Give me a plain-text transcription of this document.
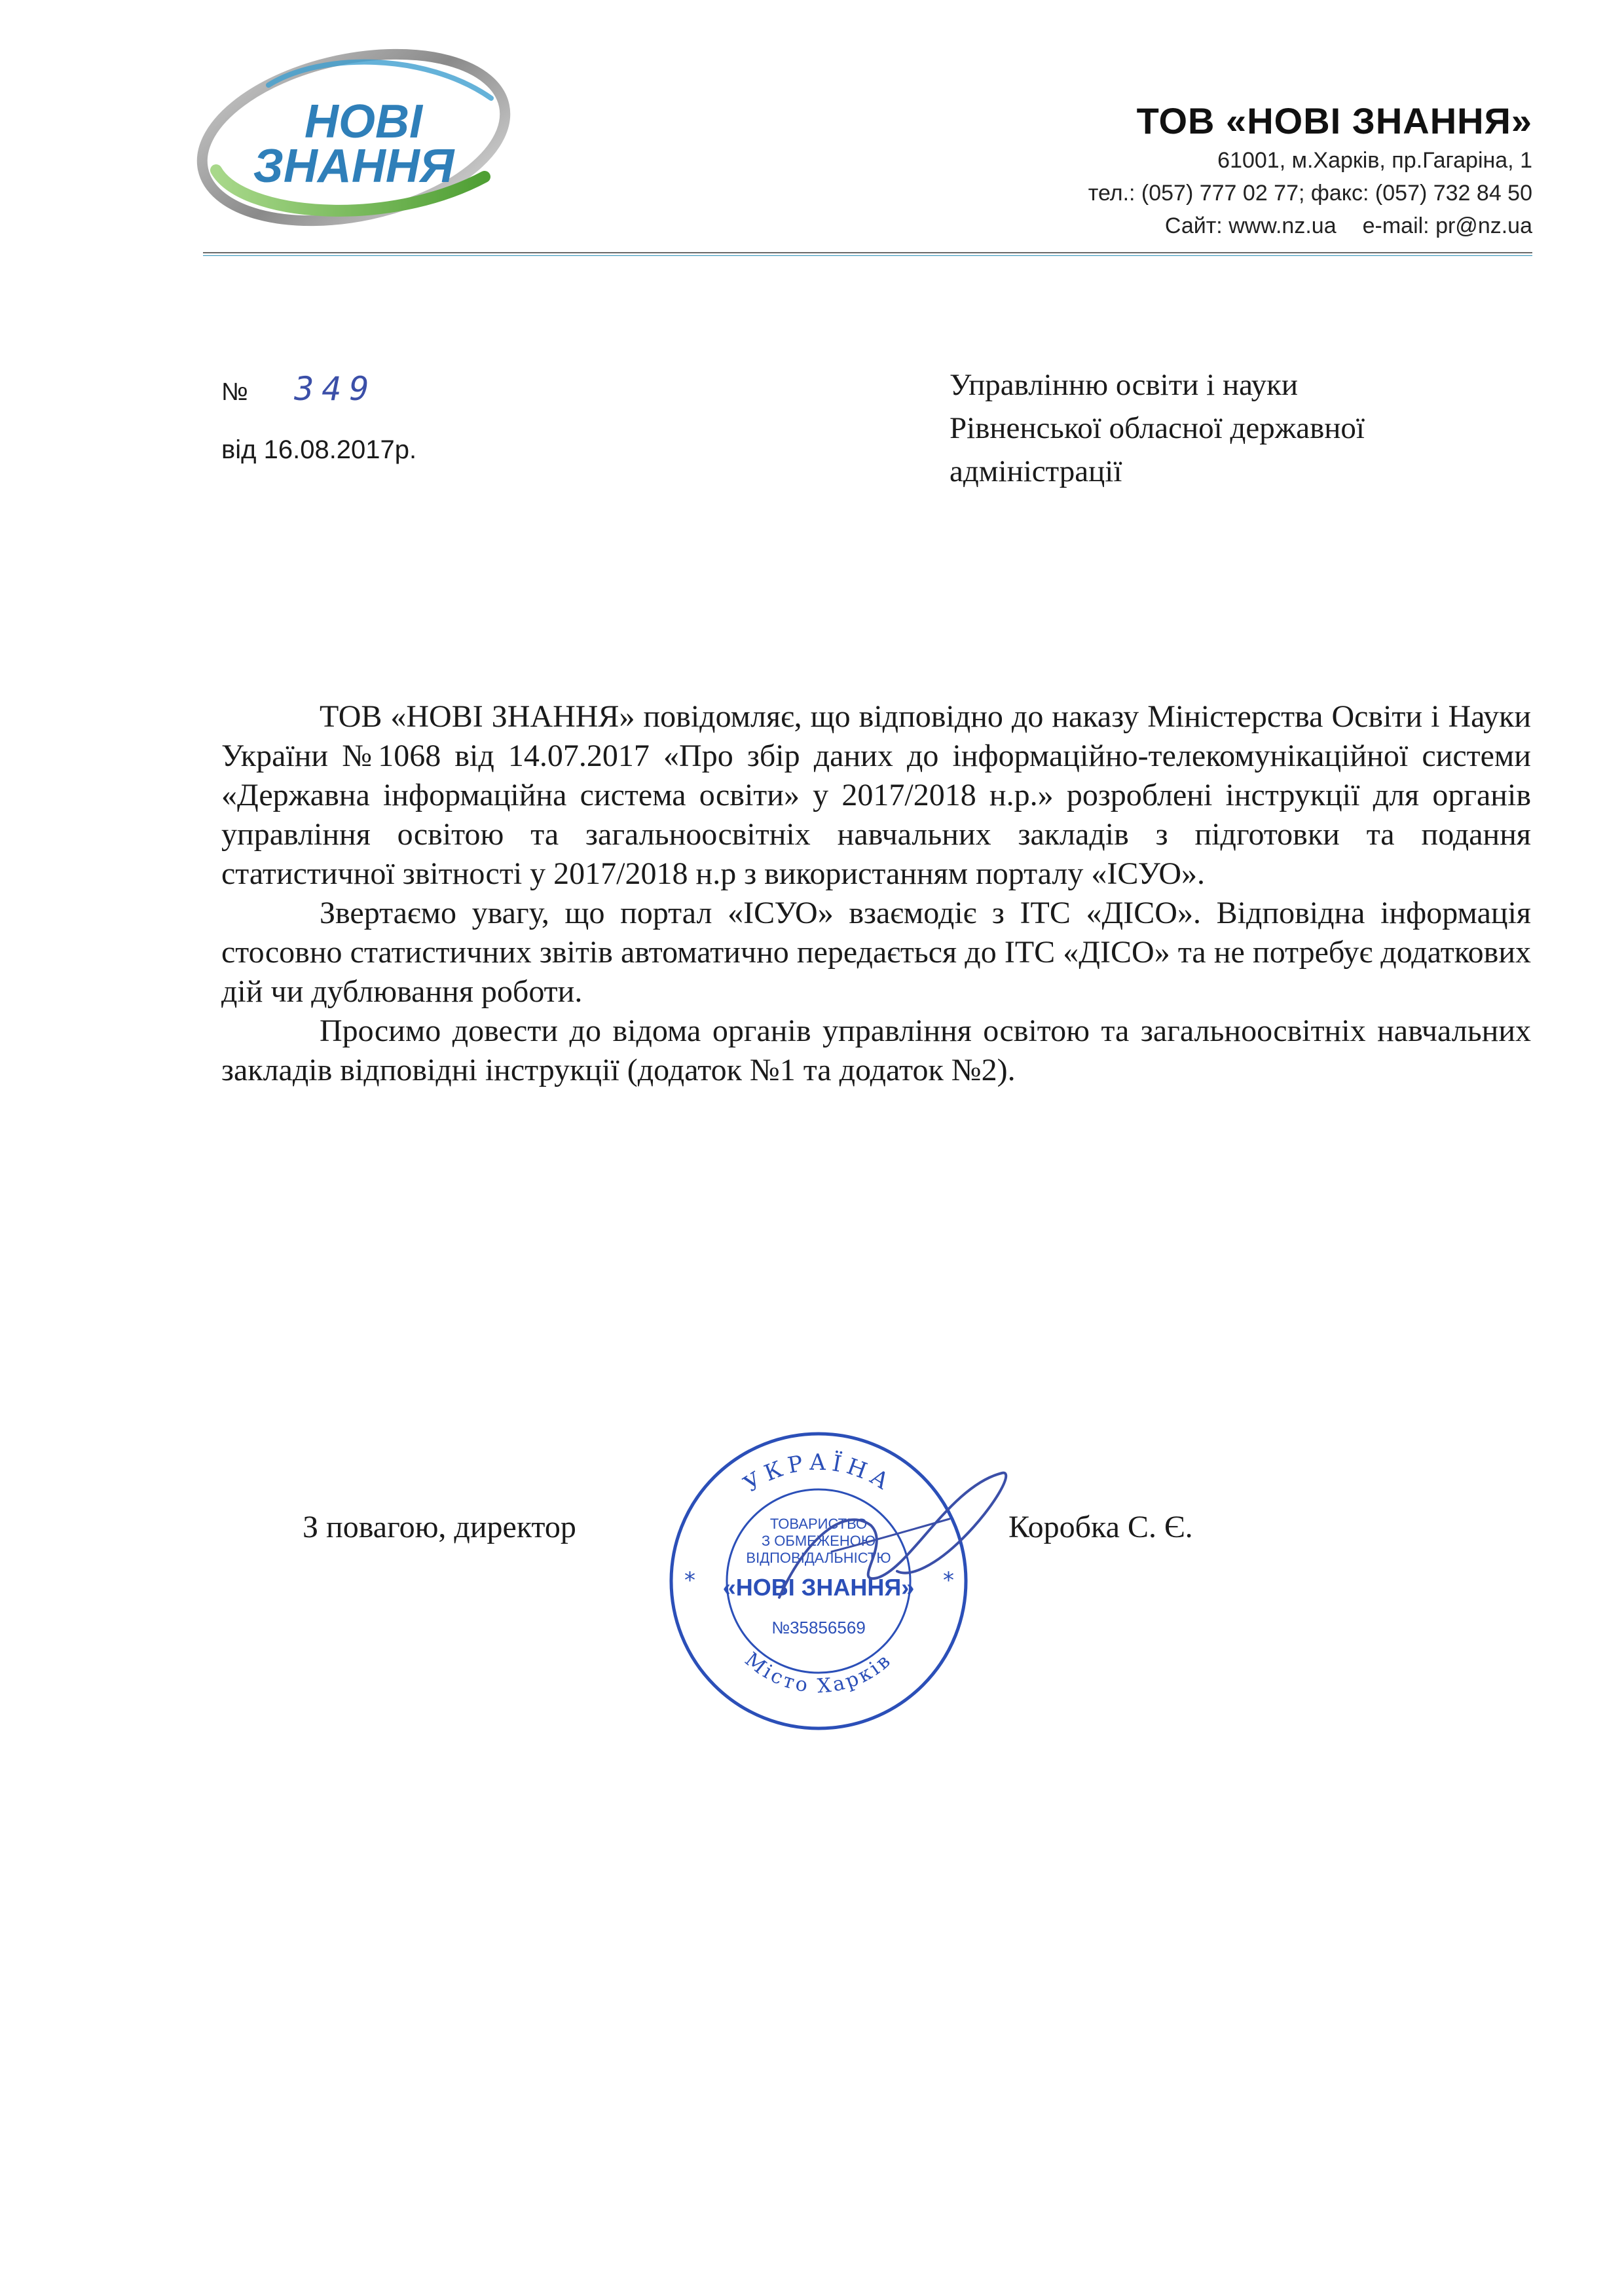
НОВІ
ЗНАННЯ
ТОВ «НОВІ ЗНАННЯ»
61001, м.Харків, пр.Гагаріна, 1
тел.: (057) 777 02 77; факс: (057) 732 84 50
Сайт: www.nz.ua e-mail: pr@nz.ua
№ 349
від 16.08.2017р.
Управлінню освіти і науки
Рівненської обласної державної
адміністрації

ТОВ «НОВІ ЗНАННЯ» повідомляє, що відповідно до наказу Міністерства Освіти і Науки України №1068 від 14.07.2017 «Про збір даних до інформаційно-телекомунікаційної системи «Державна інформаційна система освіти» у 2017/2018 н.р.» розроблені інструкції для органів управління освітою та загальноосвітніх навчальних закладів з підготовки та подання статистичної звітності у 2017/2018 н.р з використанням порталу «ІСУО».

Звертаємо увагу, що портал «ІСУО» взаємодіє з ІТС «ДІСО». Відповідна інформація стосовно статистичних звітів автоматично передається до ІТС «ДІСО» та не потребує додаткових дій чи дублювання роботи.

Просимо довести до відома органів управління освітою та загальноосвітніх навчальних закладів відповідні інструкції (додаток №1 та додаток №2).

З повагою, директор
УКРАЇНА
Місто Харків
*	*
ТОВАРИСТВО
З ОБМЕЖЕНОЮ
ВІДПОВІДАЛЬНІСТЮ
«НОВІ ЗНАННЯ»
№35856569
Коробка С. Є.
